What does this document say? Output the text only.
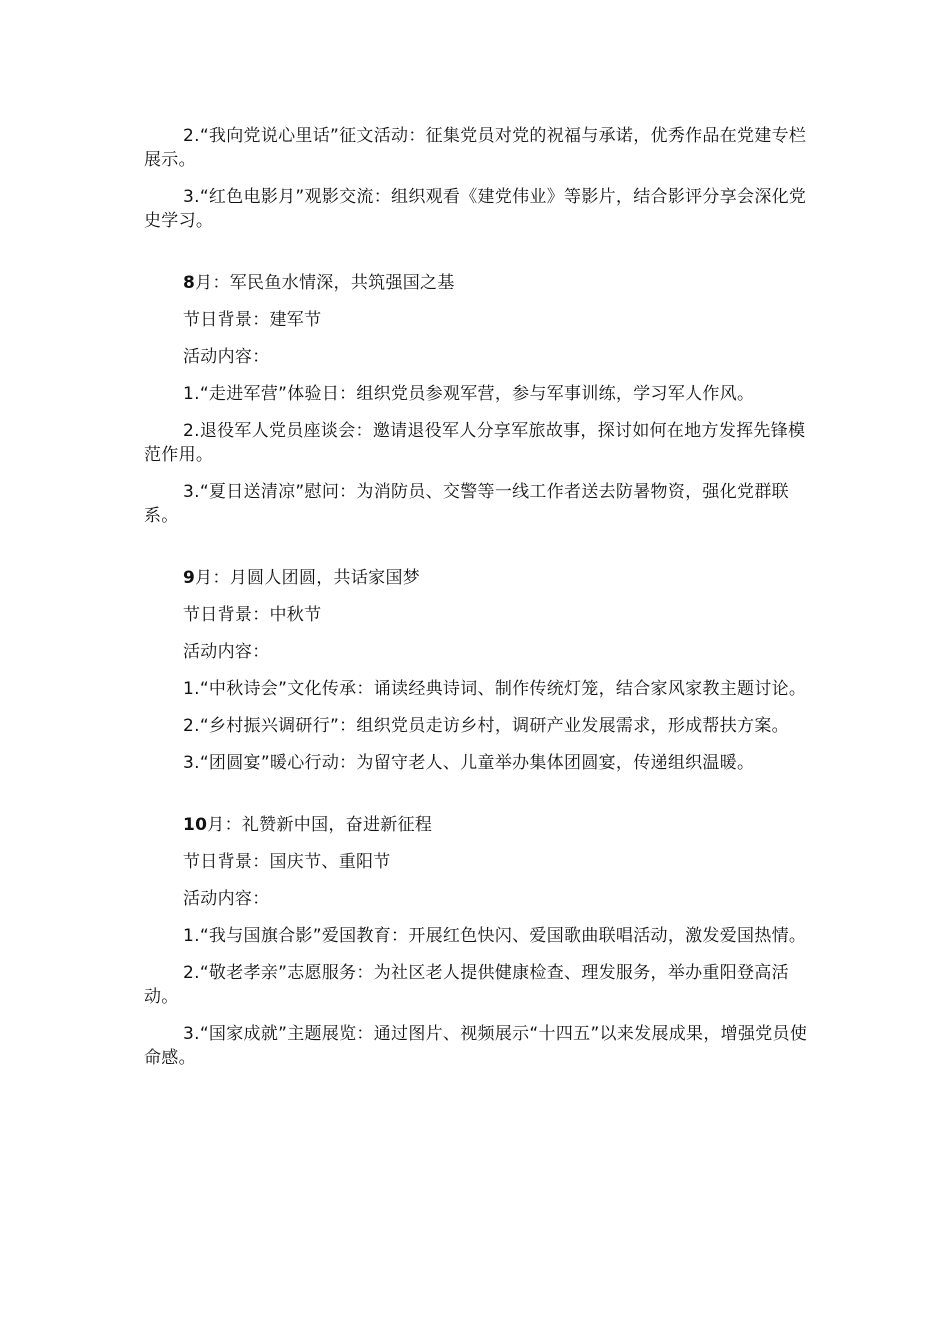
2.“我向党说心里话”征文活动：征集党员对党的祝福与承诺，优秀作品在党建专栏展示。

3.“红色电影月”观影交流：组织观看《建党伟业》等影片，结合影评分享会深化党史学习。

8月：军民鱼水情深，共筑强国之基

节日背景：建军节

活动内容：

1.“走进军营”体验日：组织党员参观军营，参与军事训练，学习军人作风。

2.退役军人党员座谈会：邀请退役军人分享军旅故事，探讨如何在地方发挥先锋模范作用。

3.“夏日送清凉”慰问：为消防员、交警等一线工作者送去防暑物资，强化党群联系。

9月：月圆人团圆，共话家国梦

节日背景：中秋节

活动内容：

1.“中秋诗会”文化传承：诵读经典诗词、制作传统灯笼，结合家风家教主题讨论。

2.“乡村振兴调研行”：组织党员走访乡村，调研产业发展需求，形成帮扶方案。

3.“团圆宴”暖心行动：为留守老人、儿童举办集体团圆宴，传递组织温暖。

10月：礼赞新中国，奋进新征程

节日背景：国庆节、重阳节

活动内容：

1.“我与国旗合影”爱国教育：开展红色快闪、爱国歌曲联唱活动，激发爱国热情。

2.“敬老孝亲”志愿服务：为社区老人提供健康检查、理发服务，举办重阳登高活动。

3.“国家成就”主题展览：通过图片、视频展示“十四五”以来发展成果，增强党员使命感。
